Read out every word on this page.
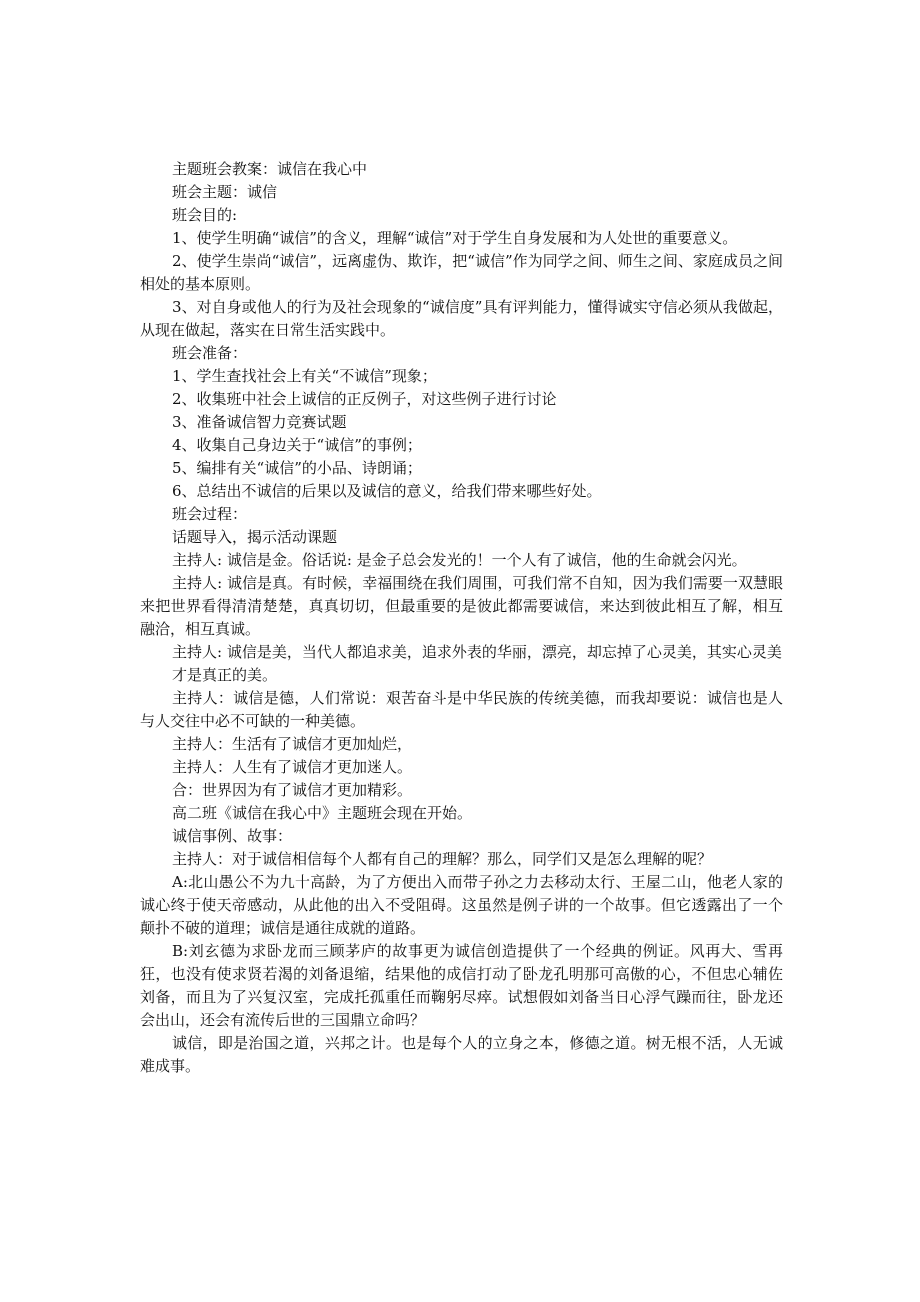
主题班会教案：诚信在我心中

班会主题：诚信

班会目的:

1、使学生明确“诚信”的含义，理解“诚信”对于学生自身发展和为人处世的重要意义。

2、使学生崇尚“诚信”，远离虚伪、欺诈，把“诚信”作为同学之间、师生之间、家庭成员之间相处的基本原则。

3、对自身或他人的行为及社会现象的“诚信度”具有评判能力，懂得诚实守信必须从我做起，从现在做起，落实在日常生活实践中。

班会准备：

1、学生查找社会上有关“不诚信”现象；

2、收集班中社会上诚信的正反例子，对这些例子进行讨论

3、准备诚信智力竞赛试题

4、收集自己身边关于“诚信”的事例；

5、编排有关“诚信”的小品、诗朗诵；

6、总结出不诚信的后果以及诚信的意义，给我们带来哪些好处。

班会过程：

话题导入，揭示活动课题

主持人: 诚信是金。俗话说: 是金子总会发光的！一个人有了诚信，他的生命就会闪光。

主持人: 诚信是真。有时候，幸福围绕在我们周围，可我们常不自知，因为我们需要一双慧眼来把世界看得清清楚楚，真真切切，但最重要的是彼此都需要诚信，来达到彼此相互了解，相互融洽，相互真诚。

主持人: 诚信是美，当代人都追求美，追求外表的华丽，漂亮，却忘掉了心灵美，其实心灵美

才是真正的美。

主持人：诚信是德，人们常说：艰苦奋斗是中华民族的传统美德，而我却要说：诚信也是人与人交往中必不可缺的一种美德。

主持人：生活有了诚信才更加灿烂，

主持人：人生有了诚信才更加迷人。

合：世界因为有了诚信才更加精彩。

高二班《诚信在我心中》主题班会现在开始。

诚信事例、故事：

主持人：对于诚信相信每个人都有自己的理解？那么，同学们又是怎么理解的呢？

A:北山愚公不为九十高龄，为了方便出入而带子孙之力去移动太行、王屋二山，他老人家的诚心终于使天帝感动，从此他的出入不受阻碍。这虽然是例子讲的一个故事。但它透露出了一个颠扑不破的道理；诚信是通往成就的道路。

B:刘玄德为求卧龙而三顾茅庐的故事更为诚信创造提供了一个经典的例证。风再大、雪再狂，也没有使求贤若渴的刘备退缩，结果他的成信打动了卧龙孔明那可高傲的心，不但忠心辅佐刘备，而且为了兴复汉室，完成托孤重任而鞠躬尽瘁。试想假如刘备当日心浮气躁而往，卧龙还会出山，还会有流传后世的三国鼎立命吗？

诚信，即是治国之道，兴邦之计。也是每个人的立身之本，修德之道。树无根不活，人无诚难成事。
